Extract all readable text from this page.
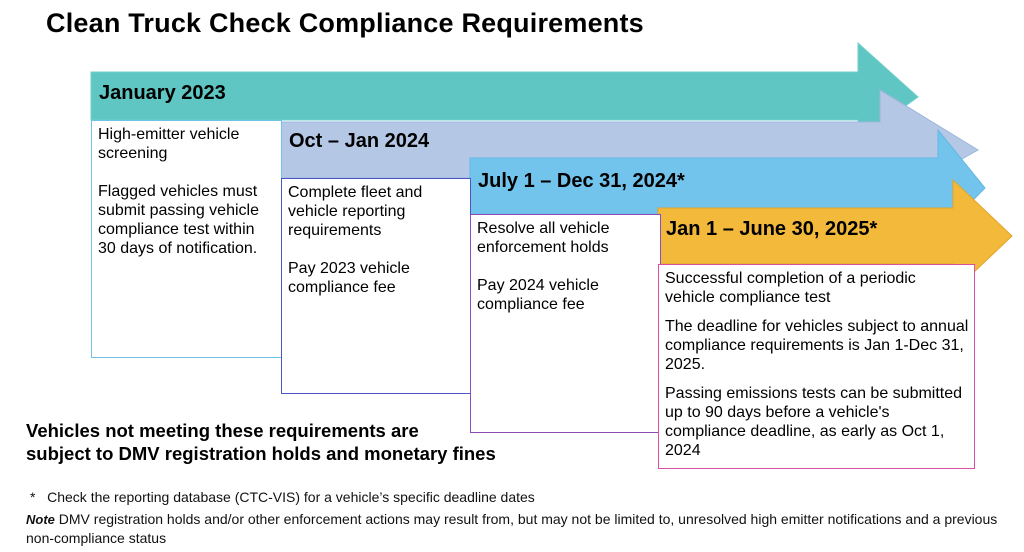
Clean Truck Check Compliance Requirements
January 2023
Oct – Jan 2024
July 1 – Dec 31, 2024*
Jan 1 – June 30, 2025*

High-emitter vehicle screening

Flagged vehicles must submit passing vehicle compliance test within 30 days of notification.

Complete fleet and vehicle reporting requirements

Pay 2023 vehicle compliance fee

Resolve all vehicle enforcement holds

Pay 2024 vehicle compliance fee

Successful completion of a periodic vehicle compliance test

The deadline for vehicles subject to annual compliance requirements is Jan 1-Dec 31, 2025.

Passing emissions tests can be submitted up to 90 days before a vehicle's compliance deadline, as early as Oct 1, 2024

Vehicles not meeting these requirements are
subject to DMV registration holds and monetary fines
* Check the reporting database (CTC-VIS) for a vehicle’s specific deadline dates
Note DMV registration holds and/or other enforcement actions may result from, but may not be limited to, unresolved high emitter notifications and a previous non-compliance status
